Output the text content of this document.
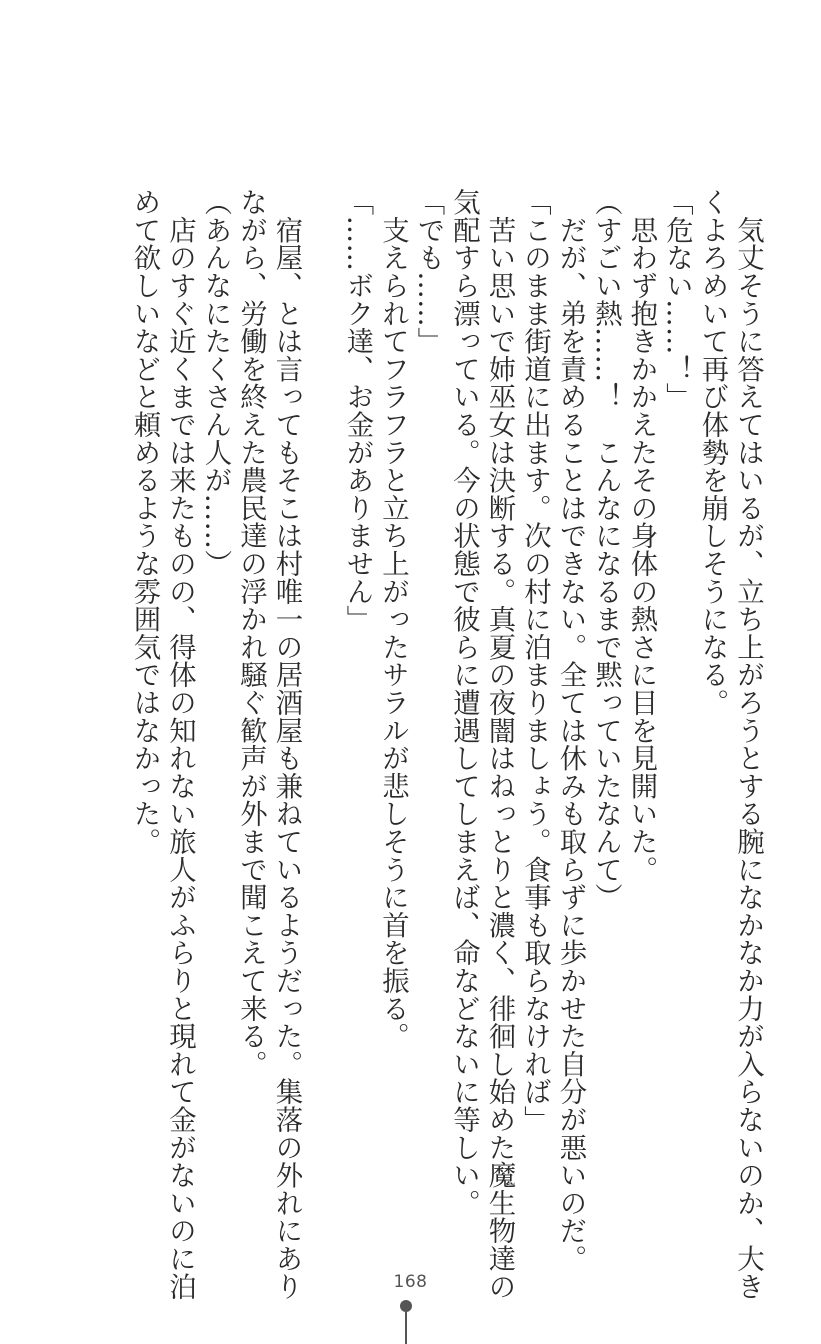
　気丈そうに答えてはいるが、立ち上がろうとする腕になかなか力が入らないのか、大き

くよろめいて再び体勢を崩しそうになる。

「危ない……！」

　思わず抱きかかえたその身体の熱さに目を見開いた。

（すごい熱……！　こんなになるまで黙っていたなんて）

　だが、弟を責めることはできない。全ては休みも取らずに歩かせた自分が悪いのだ。

「このまま街道に出ます。次の村に泊まりましょう。食事も取らなければ」

　苦い思いで姉巫女は決断する。真夏の夜闇はねっとりと濃く、徘徊し始めた魔生物達の

気配すら漂っている。今の状態で彼らに遭遇してしまえば、命などないに等しい。

「でも……」

　支えられてフラフラと立ち上がったサラルが悲しそうに首を振る。

「……ボク達、お金がありません」

　宿屋、とは言ってもそこは村唯一の居酒屋も兼ねているようだった。集落の外れにあり

ながら、労働を終えた農民達の浮かれ騒ぐ歓声が外まで聞こえて来る。

（あんなにたくさん人が……）

　店のすぐ近くまでは来たものの、得体の知れない旅人がふらりと現れて金がないのに泊

めて欲しいなどと頼めるような雰囲気ではなかった。

168
